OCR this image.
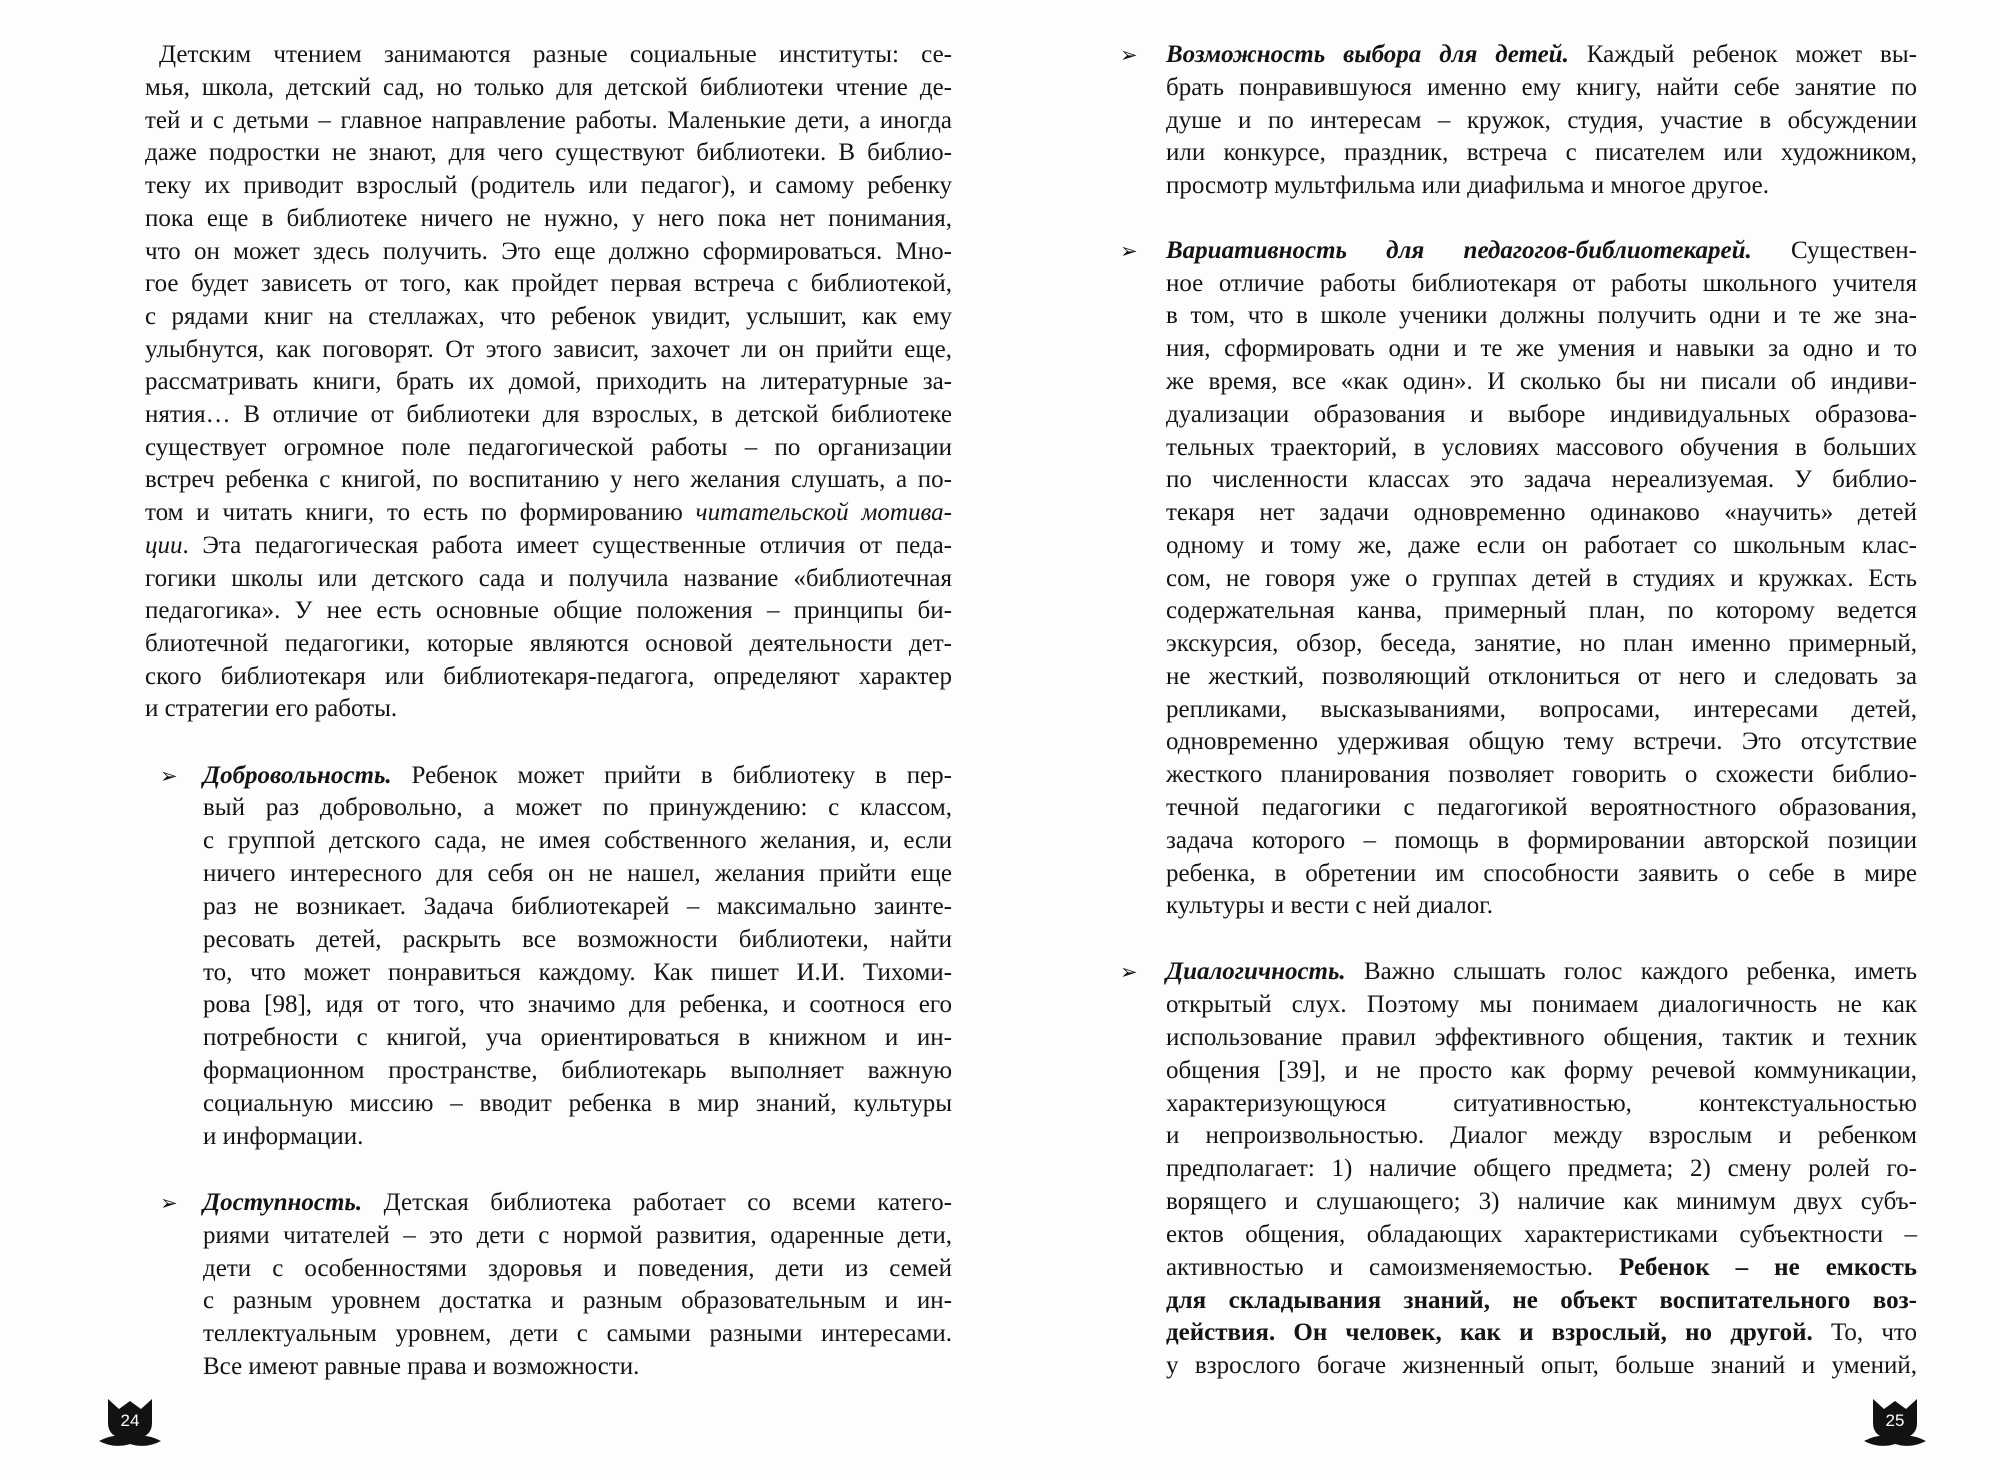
24
Детским чтением занимаются разные социальные институты: се-
мья, школа, детский сад, но только для детской библиотеки чтение де-
тей и с детьми – главное направление работы. Маленькие дети, а иногда
даже подростки не знают, для чего существуют библиотеки. В библио-
теку их приводит взрослый (родитель или педагог), и самому ребенку
пока еще в библиотеке ничего не нужно, у него пока нет понимания,
что он может здесь получить. Это еще должно сформироваться. Мно-
гое будет зависеть от того, как пройдет первая встреча с библиотекой,
с рядами книг на стеллажах, что ребенок увидит, услышит, как ему
улыбнутся, как поговорят. От этого зависит, захочет ли он прийти еще,
рассматривать книги, брать их домой, приходить на литературные за-
нятия… В отличие от библиотеки для взрослых, в детской библиотеке
существует огромное поле педагогической работы – по организации
встреч ребенка с книгой, по воспитанию у него желания слушать, а по-
том и читать книги, то есть по формированию читательской мотива-
ции. Эта педагогическая работа имеет существенные отличия от педа-
гогики школы или детского сада и получила название «библиотечная
педагогика». У нее есть основные общие положения – принципы би-
блиотечной педагогики, которые являются основой деятельности дет-
ского библиотекаря или библиотекаря-педагога, определяют характер
и стратегии его работы.
➢ Добровольность. Ребенок может прийти в библиотеку в пер-
вый раз добровольно, а может по принуждению: с классом,
с группой детского сада, не имея собственного желания, и, если
ничего интересного для себя он не нашел, желания прийти еще
раз не возникает. Задача библиотекарей – максимально заинте-
ресовать детей, раскрыть все возможности библиотеки, найти
то, что может понравиться каждому. Как пишет И.И. Тихоми-
рова [98], идя от того, что значимо для ребенка, и соотнося его
потребности с книгой, уча ориентироваться в книжном и ин-
формационном пространстве, библиотекарь выполняет важную
социальную миссию – вводит ребенка в мир знаний, культуры
и информации.
➢ Доступность. Детская библиотека работает со всеми катего-
риями читателей – это дети с нормой развития, одаренные дети,
дети с особенностями здоровья и поведения, дети из семей
с разным уровнем достатка и разным образовательным и ин-
теллектуальным уровнем, дети с самыми разными интересами.
Все имеют равные права и возможности.
25
➢ Возможность выбора для детей. Каждый ребенок может вы-
брать понравившуюся именно ему книгу, найти себе занятие по
душе и по интересам – кружок, студия, участие в обсуждении
или конкурсе, праздник, встреча с писателем или художником,
просмотр мультфильма или диафильма и многое другое.
➢ Вариативность для педагогов-библиотекарей. Существен-
ное отличие работы библиотекаря от работы школьного учителя
в том, что в школе ученики должны получить одни и те же зна-
ния, сформировать одни и те же умения и навыки за одно и то
же время, все «как один». И сколько бы ни писали об индиви-
дуализации образования и выборе индивидуальных образова-
тельных траекторий, в условиях массового обучения в больших
по численности классах это задача нереализуемая. У библио-
текаря нет задачи одновременно одинаково «научить» детей
одному и тому же, даже если он работает со школьным клас-
сом, не говоря уже о группах детей в студиях и кружках. Есть
содержательная канва, примерный план, по которому ведется
экскурсия, обзор, беседа, занятие, но план именно примерный,
не жесткий, позволяющий отклониться от него и следовать за
репликами, высказываниями, вопросами, интересами детей,
одновременно удерживая общую тему встречи. Это отсутствие
жесткого планирования позволяет говорить о схожести библио-
течной педагогики с педагогикой вероятностного образования,
задача которого – помощь в формировании авторской позиции
ребенка, в обретении им способности заявить о себе в мире
культуры и вести с ней диалог.
➢ Диалогичность. Важно слышать голос каждого ребенка, иметь
открытый слух. Поэтому мы понимаем диалогичность не как
использование правил эффективного общения, тактик и техник
общения [39], и не просто как форму речевой коммуникации,
характеризующуюся ситуативностью, контекстуальностью
и непроизвольностью. Диалог между взрослым и ребенком
предполагает: 1) наличие общего предмета; 2) смену ролей го-
ворящего и слушающего; 3) наличие как минимум двух субъ-
ектов общения, обладающих характеристиками субъектности –
активностью и самоизменяемостью. Ребенок – не емкость
для складывания знаний, не объект воспитательного воз-
действия. Он человек, как и взрослый, но другой. То, что
у взрослого богаче жизненный опыт, больше знаний и умений,
